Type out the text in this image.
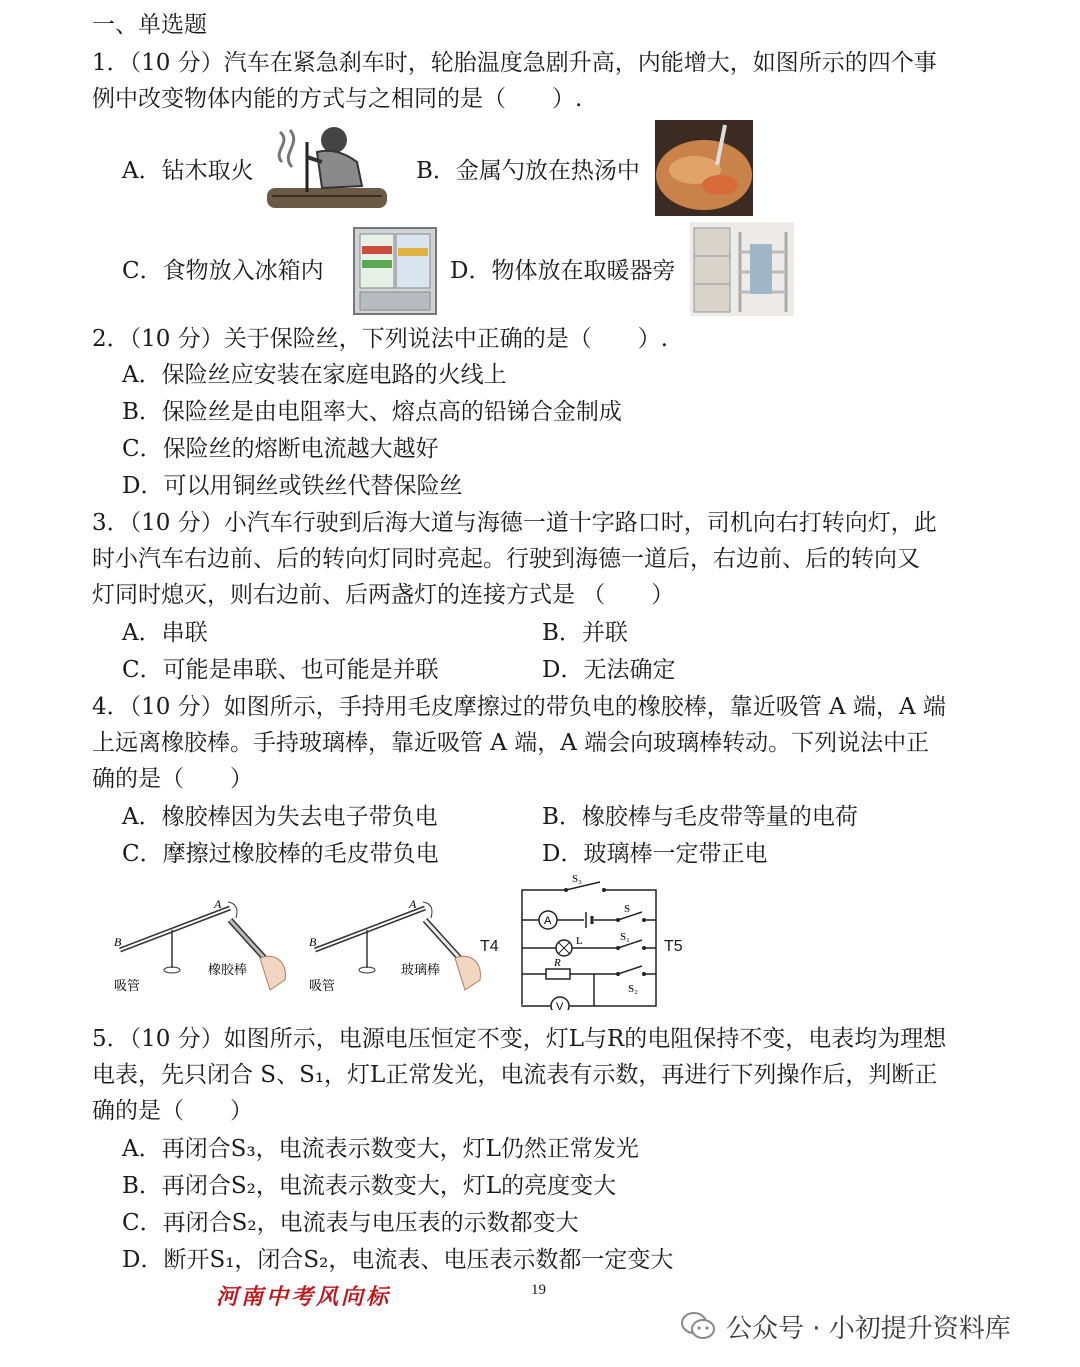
一、单选题
1．（10 分）汽车在紧急刹车时，轮胎温度急剧升高，内能增大，如图所示的四个事
例中改变物体内能的方式与之相同的是（　　）.
A．钻木取火	B．金属勺放在热汤中
C．食物放入冰箱内	D．物体放在取暖器旁
2．（10 分）关于保险丝，下列说法中正确的是（　　）.
A．保险丝应安装在家庭电路的火线上
B．保险丝是由电阻率大、熔点高的铅锑合金制成
C．保险丝的熔断电流越大越好
D．可以用铜丝或铁丝代替保险丝
3．（10 分）小汽车行驶到后海大道与海德一道十字路口时，司机向右打转向灯，此
时小汽车右边前、后的转向灯同时亮起。行驶到海德一道后，右边前、后的转向又
灯同时熄灭，则右边前、后两盏灯的连接方式是 （　　）
A．串联	B．并联
C．可能是串联、也可能是并联	D．无法确定
4．（10 分）如图所示，手持用毛皮摩擦过的带负电的橡胶棒，靠近吸管 A 端，A 端
上远离橡胶棒。手持玻璃棒，靠近吸管 A 端，A 端会向玻璃棒转动。下列说法中正
确的是（　　）
A．橡胶棒因为失去电子带负电	B．橡胶棒与毛皮带等量的电荷
C．摩擦过橡胶棒的毛皮带负电	D．玻璃棒一定带正电
B
A
吸管
橡胶棒
B
A
吸管
玻璃棒
T4
S₃
A
S
L	S₁
R
S₂
V
T5
5．（10 分）如图所示，电源电压恒定不变，灯L与R的电阻保持不变，电表均为理想
电表，先只闭合 S、S₁，灯L正常发光，电流表有示数，再进行下列操作后，判断正
确的是（　　）
A．再闭合S₃，电流表示数变大，灯L仍然正常发光
B．再闭合S₂，电流表示数变大，灯L的亮度变大
C．再闭合S₂，电流表与电压表的示数都变大
D．断开S₁，闭合S₂，电流表、电压表示数都一定变大
河南中考风向标	19
公众号 · 小初提升资料库
